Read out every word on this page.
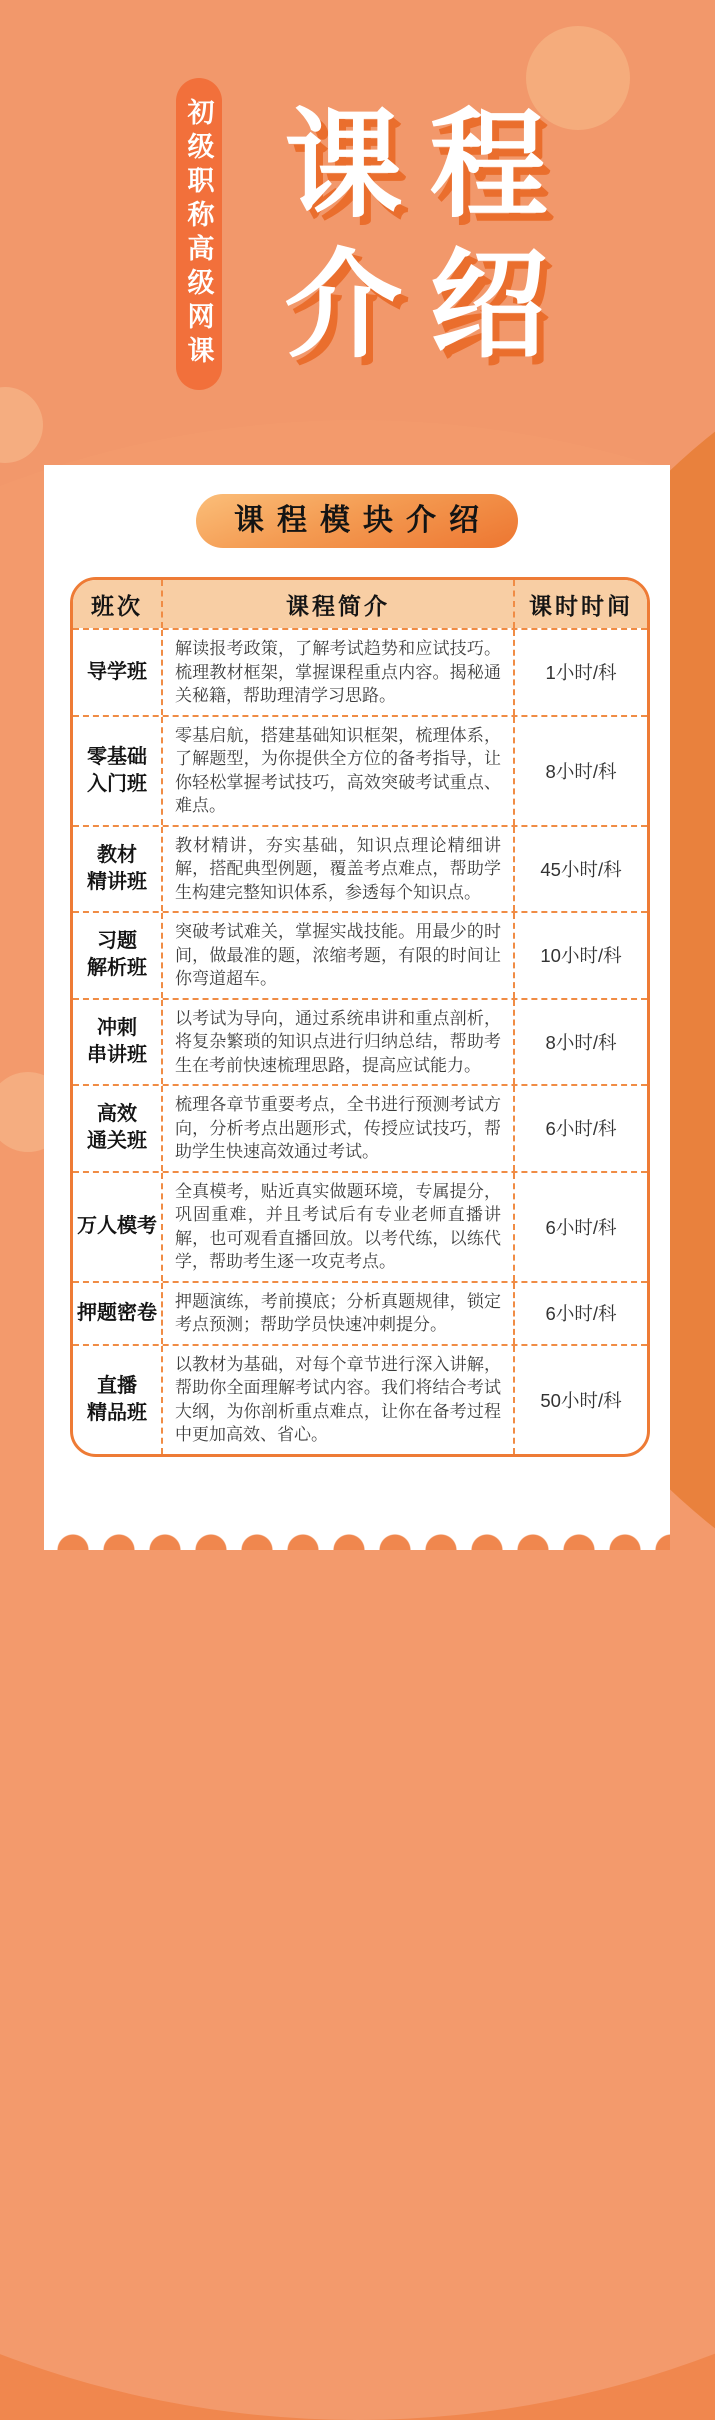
初级职称高级网课 课程
介绍
课程模块介绍
班次	课程简介	课时时间
导学班
解读报考政策，了解考试趋势和应试技巧。梳理教材框架，掌握课程重点内容。揭秘通关秘籍，帮助理清学习思路。
1小时/科
零基础
入门班
零基启航，搭建基础知识框架，梳理体系，了解题型，为你提供全方位的备考指导，让你轻松掌握考试技巧，高效突破考试重点、难点。
8小时/科
教材
精讲班
教材精讲，夯实基础，知识点理论精细讲解，搭配典型例题，覆盖考点难点，帮助学生构建完整知识体系，参透每个知识点。
45小时/科
习题
解析班
突破考试难关，掌握实战技能。用最少的时间，做最准的题，浓缩考题，有限的时间让你弯道超车。
10小时/科
冲刺
串讲班
以考试为导向，通过系统串讲和重点剖析，将复杂繁琐的知识点进行归纳总结，帮助考生在考前快速梳理思路，提高应试能力。
8小时/科
高效
通关班
梳理各章节重要考点，全书进行预测考试方向，分析考点出题形式，传授应试技巧，帮助学生快速高效通过考试。
6小时/科
万人模考
全真模考，贴近真实做题环境，专属提分，巩固重难，并且考试后有专业老师直播讲解，也可观看直播回放。以考代练，以练代学，帮助考生逐一攻克考点。
6小时/科
押题密卷
押题演练，考前摸底；分析真题规律，锁定考点预测；帮助学员快速冲刺提分。
6小时/科
直播
精品班
以教材为基础，对每个章节进行深入讲解，帮助你全面理解考试内容。我们将结合考试大纲，为你剖析重点难点，让你在备考过程中更加高效、省心。
50小时/科
